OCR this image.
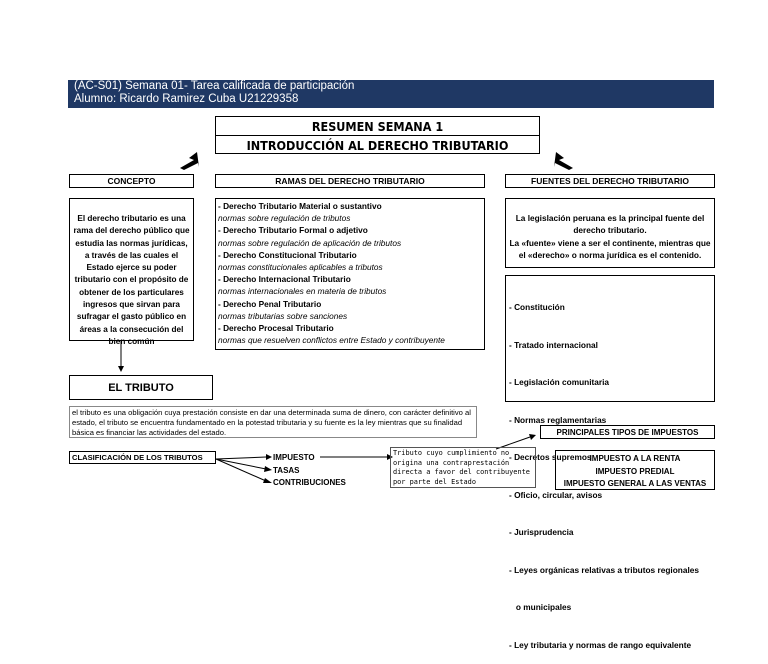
(AC-S01) Semana 01- Tarea calificada de participación
Alumno: Ricardo Ramirez Cuba U21229358
RESUMEN SEMANA 1
INTRODUCCIÓN AL DERECHO TRIBUTARIO
CONCEPTO
El derecho tributario es una rama del derecho público que estudia las normas jurídicas, a través de las cuales el Estado ejerce su poder tributario con el propósito de obtener de los particulares ingresos que sirvan para sufragar el gasto público en áreas a la consecución del bien común
RAMAS DEL DERECHO TRIBUTARIO
- Derecho Tributario Material o sustantivo
normas sobre regulación de tributos
- Derecho Tributario Formal o adjetivo
normas sobre regulación de aplicación de tributos
- Derecho Constitucional Tributario
normas constitucionales aplicables a tributos
- Derecho Internacional Tributario
normas internacionales en materia de tributos
- Derecho Penal Tributario
normas tributarias sobre sanciones
- Derecho Procesal Tributario
normas que resuelven conflictos entre Estado y contribuyente
FUENTES DEL DERECHO TRIBUTARIO
La legislación peruana es la principal fuente del derecho tributario.
La «fuente» viene a ser el continente, mientras que el «derecho» o norma jurídica es el contenido.

- Constitución

- Tratado internacional

- Legislación comunitaria

- Normas reglamentarias

- Decretos supremos

- Oficio, circular, avisos

- Jurisprudencia

- Leyes orgánicas relativas a tributos regionales

o municipales

- Ley tributaria y normas de rango equivalente

EL TRIBUTO
el tributo es una obligación cuya prestación consiste en dar una determinada suma de dinero, con carácter definitivo al estado, el tributo se encuentra fundamentado en la potestad tributaria y su fuente es la ley mientras que su finalidad básica es financiar las actividades del estado.
CLASIFICACIÓN DE LOS TRIBUTOS	IMPUESTO
TASAS
CONTRIBUCIONES
Tributo cuyo cumplimiento no origina una contraprestación directa a favor del contribuyente por parte del Estado
PRINCIPALES TIPOS DE IMPUESTOS
IMPUESTO A LA RENTA
IMPUESTO PREDIAL
IMPUESTO GENERAL A LAS VENTAS
